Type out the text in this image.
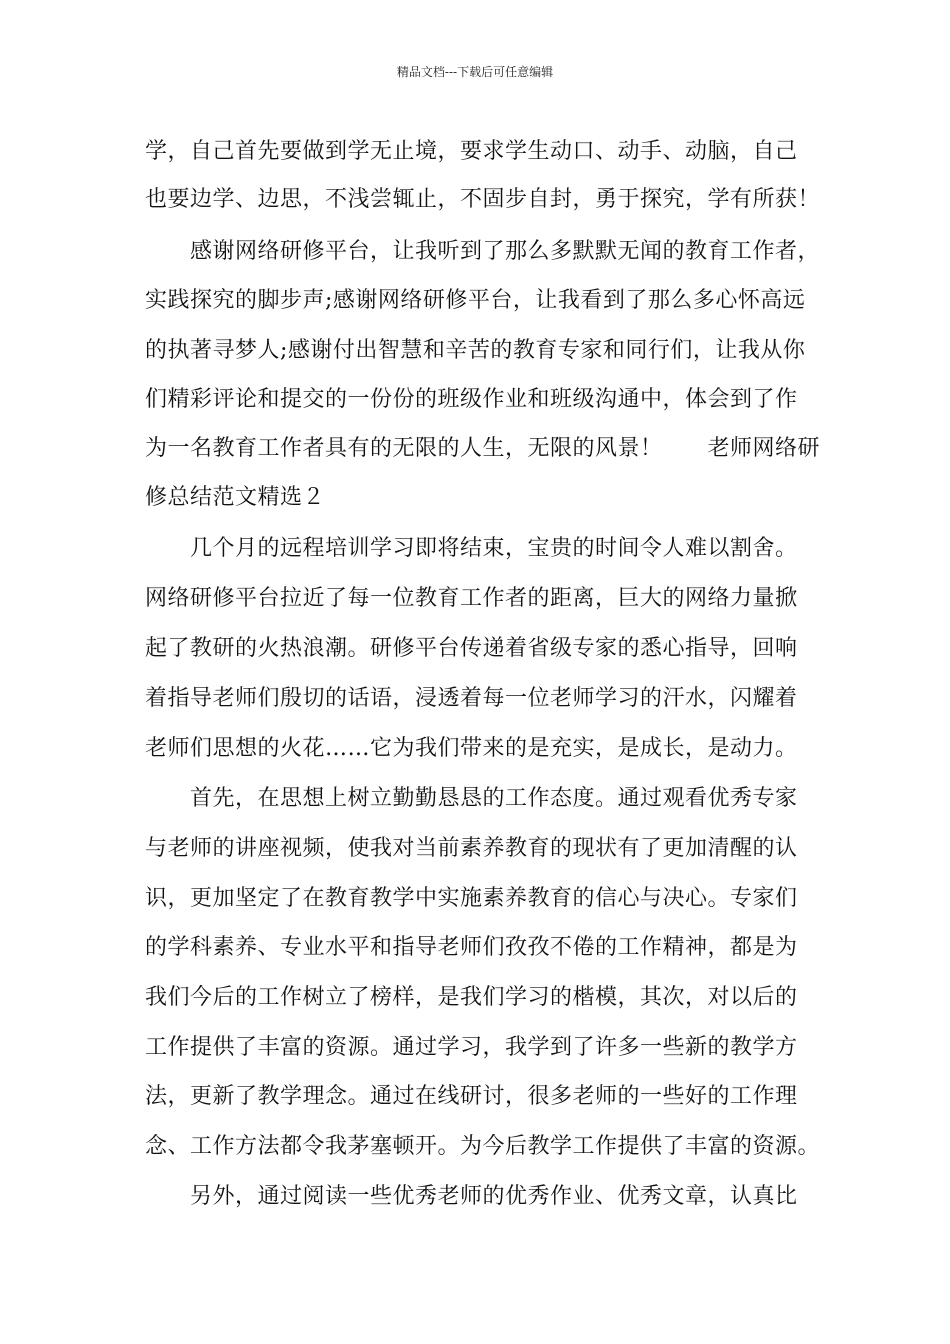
精品文档---下载后可任意编辑
学，自己首先要做到学无止境，要求学生动口、动手、动脑，自己
也要边学、边思，不浅尝辄止，不固步自封，勇于探究，学有所获！
感谢网络研修平台，让我听到了那么多默默无闻的教育工作者，
实践探究的脚步声;感谢网络研修平台，让我看到了那么多心怀高远
的执著寻梦人;感谢付出智慧和辛苦的教育专家和同行们，让我从你
们精彩评论和提交的一份份的班级作业和班级沟通中，体会到了作
为一名教育工作者具有的无限的人生，无限的风景！　　老师网络研
修总结范文精选２
几个月的远程培训学习即将结束，宝贵的时间令人难以割舍。
网络研修平台拉近了每一位教育工作者的距离，巨大的网络力量掀
起了教研的火热浪潮。研修平台传递着省级专家的悉心指导，回响
着指导老师们殷切的话语，浸透着每一位老师学习的汗水，闪耀着
老师们思想的火花……它为我们带来的是充实，是成长，是动力。
首先，在思想上树立勤勤恳恳的工作态度。通过观看优秀专家
与老师的讲座视频，使我对当前素养教育的现状有了更加清醒的认
识，更加坚定了在教育教学中实施素养教育的信心与决心。专家们
的学科素养、专业水平和指导老师们孜孜不倦的工作精神，都是为
我们今后的工作树立了榜样，是我们学习的楷模，其次，对以后的
工作提供了丰富的资源。通过学习，我学到了许多一些新的教学方
法，更新了教学理念。通过在线研讨，很多老师的一些好的工作理
念、工作方法都令我茅塞顿开。为今后教学工作提供了丰富的资源。
另外，通过阅读一些优秀老师的优秀作业、优秀文章，认真比
